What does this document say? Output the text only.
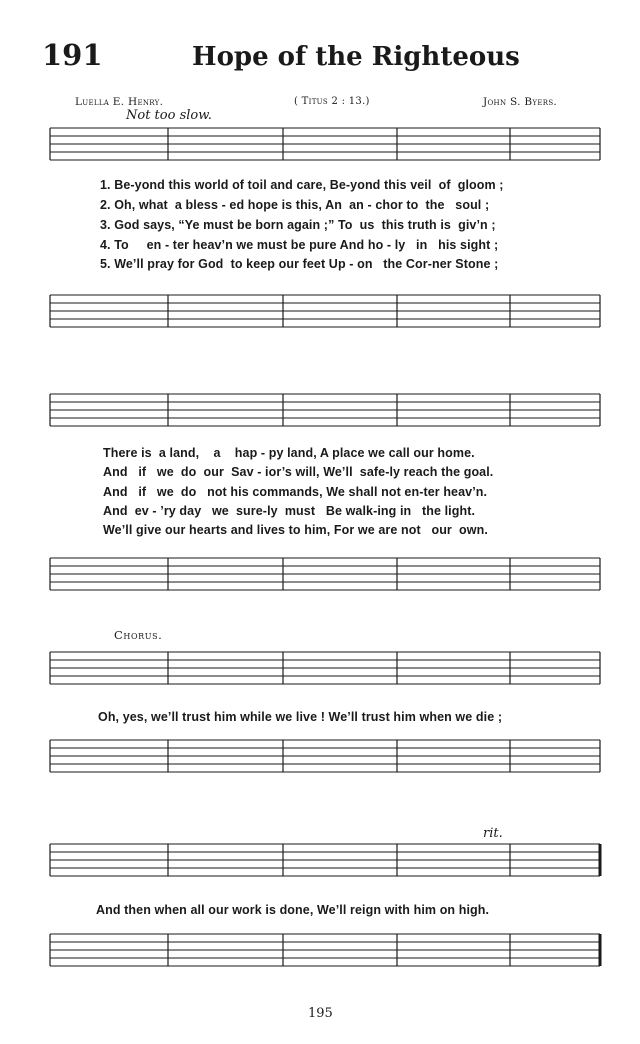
191	Hope of the Righteous
Luella E. Henry.	( Titus 2 : 13.)	John S. Byers.
Not too slow.
1. Be-yond this world of toil and care, Be-yond this veil  of  gloom ;
2. Oh, what  a bless - ed hope is this, An  an - chor to  the   soul ;
3. God says, “Ye must be born again ;” To  us  this truth is  giv’n ;
4. To     en - ter heav’n we must be pure And ho - ly   in   his sight ;
5. We’ll pray for God  to keep our feet Up - on   the Cor-ner Stone ;
There is  a land,    a    hap - py land, A place we call our home.
And   if   we  do  our  Sav - ior’s will, We’ll  safe-ly reach the goal.
And   if   we  do   not his commands, We shall not en-ter heav’n.
And  ev - ’ry day   we  sure-ly  must   Be walk-ing in   the light.
We’ll give our hearts and lives to him, For we are not   our  own.
Chorus.
Oh, yes, we’ll trust him while we live ! We’ll trust him when we die ;
rit.
And then when all our work is done, We’ll reign with him on high.
195
